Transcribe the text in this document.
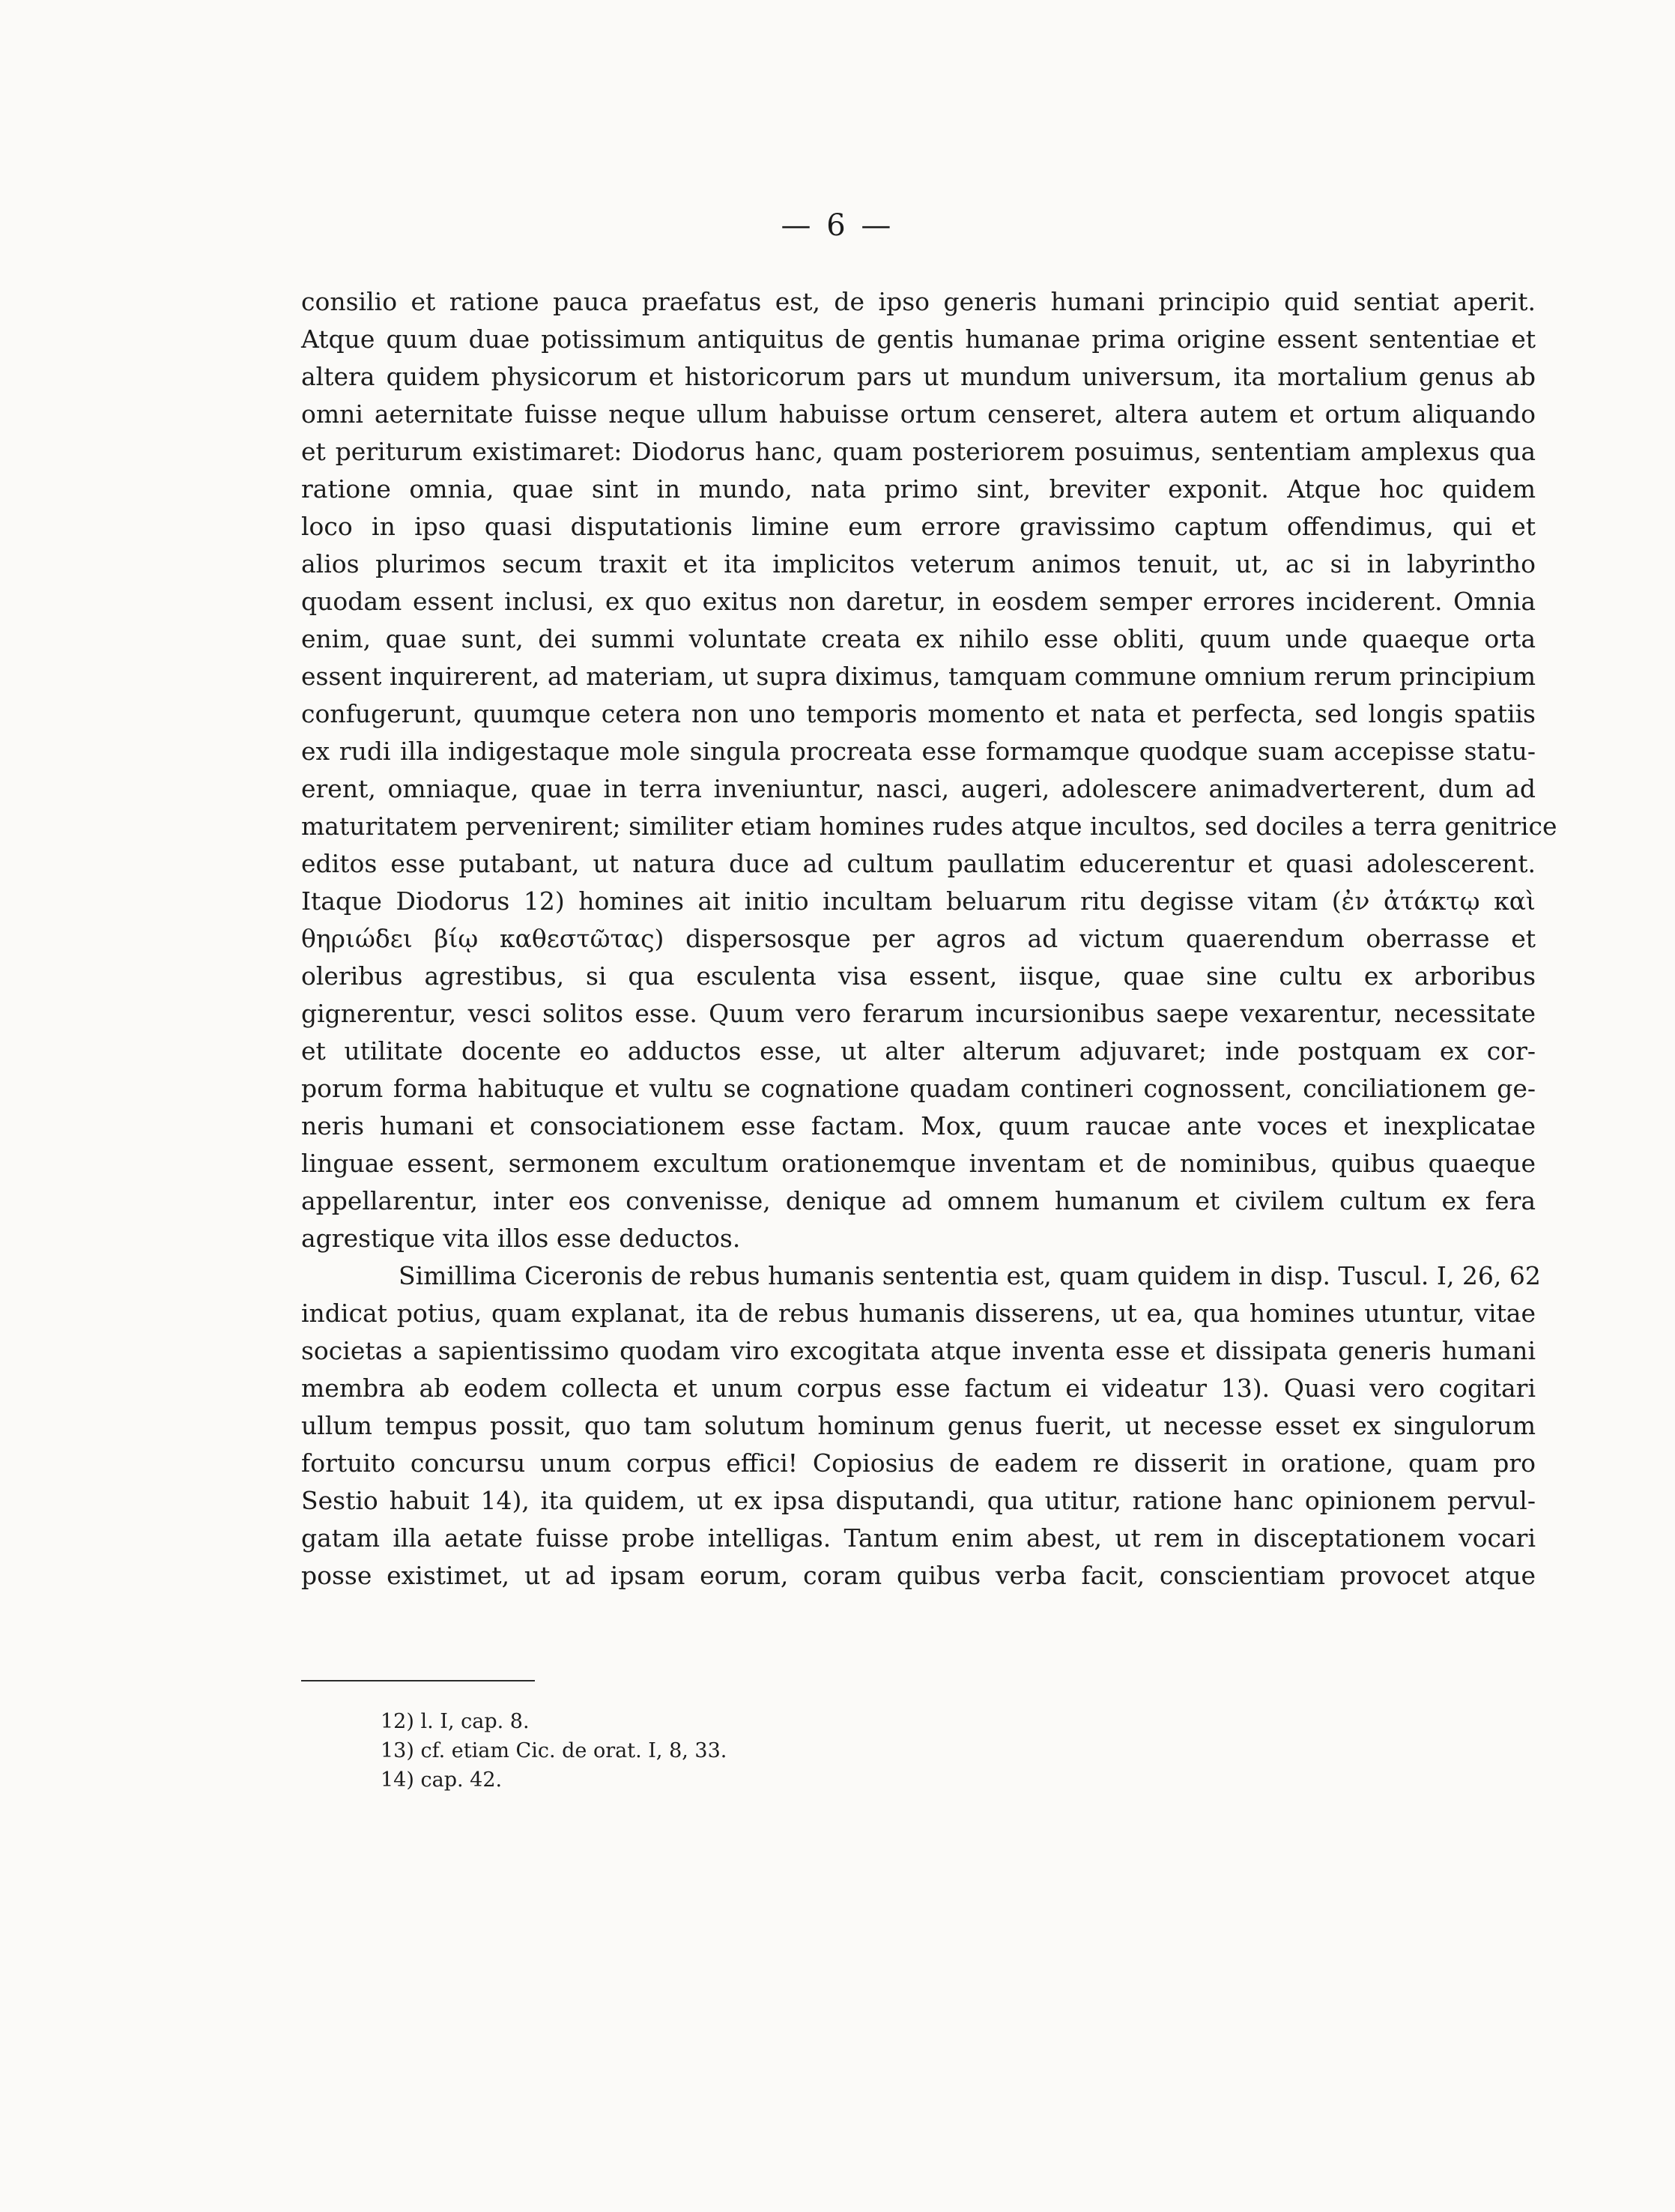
— 6 —
consilio et ratione pauca praefatus est, de ipso generis humani principio quid sentiat aperit.
Atque quum duae potissimum antiquitus de gentis humanae prima origine essent sententiae et
altera quidem physicorum et historicorum pars ut mundum universum, ita mortalium genus ab
omni aeternitate fuisse neque ullum habuisse ortum censeret, altera autem et ortum aliquando
et periturum existimaret: Diodorus hanc, quam posteriorem posuimus, sententiam amplexus qua
ratione omnia, quae sint in mundo, nata primo sint, breviter exponit. Atque hoc quidem
loco in ipso quasi disputationis limine eum errore gravissimo captum offendimus, qui et
alios plurimos secum traxit et ita implicitos veterum animos tenuit, ut, ac si in labyrintho
quodam essent inclusi, ex quo exitus non daretur, in eosdem semper errores inciderent. Omnia
enim, quae sunt, dei summi voluntate creata ex nihilo esse obliti, quum unde quaeque orta
essent inquirerent, ad materiam, ut supra diximus, tamquam commune omnium rerum principium
confugerunt, quumque cetera non uno temporis momento et nata et perfecta, sed longis spatiis
ex rudi illa indigestaque mole singula procreata esse formamque quodque suam accepisse statu-
erent, omniaque, quae in terra inveniuntur, nasci, augeri, adolescere animadverterent, dum ad
maturitatem pervenirent; similiter etiam homines rudes atque incultos, sed dociles a terra genitrice
editos esse putabant, ut natura duce ad cultum paullatim educerentur et quasi adolescerent.
Itaque Diodorus 12) homines ait initio incultam beluarum ritu degisse vitam (ἐν ἀτάκτῳ καὶ
θηριώδει βίῳ καθεστῶτας) dispersosque per agros ad victum quaerendum oberrasse et
oleribus agrestibus, si qua esculenta visa essent, iisque, quae sine cultu ex arboribus
gignerentur, vesci solitos esse. Quum vero ferarum incursionibus saepe vexarentur, necessitate
et utilitate docente eo adductos esse, ut alter alterum adjuvaret; inde postquam ex cor-
porum forma habituque et vultu se cognatione quadam contineri cognossent, conciliationem ge-
neris humani et consociationem esse factam. Mox, quum raucae ante voces et inexplicatae
linguae essent, sermonem excultum orationemque inventam et de nominibus, quibus quaeque
appellarentur, inter eos convenisse, denique ad omnem humanum et civilem cultum ex fera
agrestique vita illos esse deductos.
Simillima Ciceronis de rebus humanis sententia est, quam quidem in disp. Tuscul. I, 26, 62
indicat potius, quam explanat, ita de rebus humanis disserens, ut ea, qua homines utuntur, vitae
societas a sapientissimo quodam viro excogitata atque inventa esse et dissipata generis humani
membra ab eodem collecta et unum corpus esse factum ei videatur 13). Quasi vero cogitari
ullum tempus possit, quo tam solutum hominum genus fuerit, ut necesse esset ex singulorum
fortuito concursu unum corpus effici! Copiosius de eadem re disserit in oratione, quam pro
Sestio habuit 14), ita quidem, ut ex ipsa disputandi, qua utitur, ratione hanc opinionem pervul-
gatam illa aetate fuisse probe intelligas. Tantum enim abest, ut rem in disceptationem vocari
posse existimet, ut ad ipsam eorum, coram quibus verba facit, conscientiam provocet atque
12) l. I, cap. 8.
13) cf. etiam Cic. de orat. I, 8, 33.
14) cap. 42.
